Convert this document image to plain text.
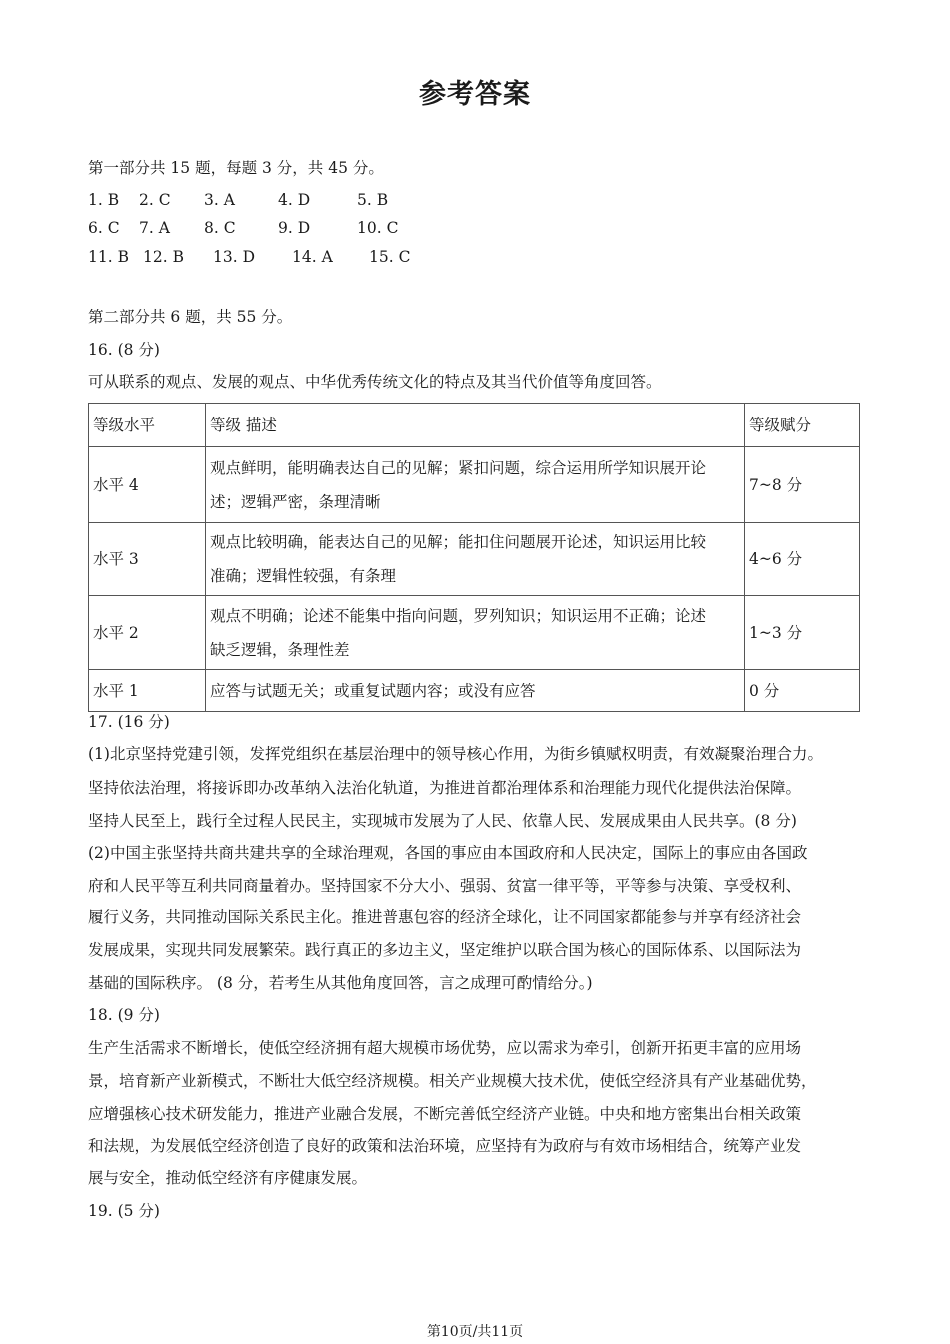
参考答案
第一部分共 15 题，每题 3 分，共 45 分。
1. B 2. C 3. A	4. D	5. B
6. C 7. A 8. C	9. D	10. C
11. B 12. B 13. D 14. A 15. C
第二部分共 6 题，共 55 分。
16. (8 分)
可从联系的观点、发展的观点、中华优秀传统文化的特点及其当代价值等角度回答。
等级水平	等级 描述	等级赋分
水平 4	观点鲜明，能明确表达自己的见解；紧扣问题，综合运用所学知识展开论
述；逻辑严密，条理清晰	7~8 分
水平 3	观点比较明确，能表达自己的见解；能扣住问题展开论述，知识运用比较
准确；逻辑性较强，有条理	4~6 分
水平 2	观点不明确；论述不能集中指向问题，罗列知识；知识运用不正确；论述
缺乏逻辑，条理性差	1~3 分
水平 1	应答与试题无关；或重复试题内容；或没有应答	0 分
17. (16 分)
(1)北京坚持党建引领，发挥党组织在基层治理中的领导核心作用，为街乡镇赋权明责，有效凝聚治理合力。
坚持依法治理，将接诉即办改革纳入法治化轨道，为推进首都治理体系和治理能力现代化提供法治保障。
坚持人民至上，践行全过程人民民主，实现城市发展为了人民、依靠人民、发展成果由人民共享。(8 分)
(2)中国主张坚持共商共建共享的全球治理观，各国的事应由本国政府和人民决定，国际上的事应由各国政
府和人民平等互利共同商量着办。坚持国家不分大小、强弱、贫富一律平等，平等参与决策、享受权利、
履行义务，共同推动国际关系民主化。推进普惠包容的经济全球化，让不同国家都能参与并享有经济社会
发展成果，实现共同发展繁荣。践行真正的多边主义，坚定维护以联合国为核心的国际体系、以国际法为
基础的国际秩序。 (8 分，若考生从其他角度回答，言之成理可酌情给分。)
18. (9 分)
生产生活需求不断增长，使低空经济拥有超大规模市场优势，应以需求为牵引，创新开拓更丰富的应用场
景，培育新产业新模式，不断壮大低空经济规模。相关产业规模大技术优，使低空经济具有产业基础优势，
应增强核心技术研发能力，推进产业融合发展，不断完善低空经济产业链。中央和地方密集出台相关政策
和法规，为发展低空经济创造了良好的政策和法治环境，应坚持有为政府与有效市场相结合，统筹产业发
展与安全，推动低空经济有序健康发展。
19. (5 分)
第10页/共11页
